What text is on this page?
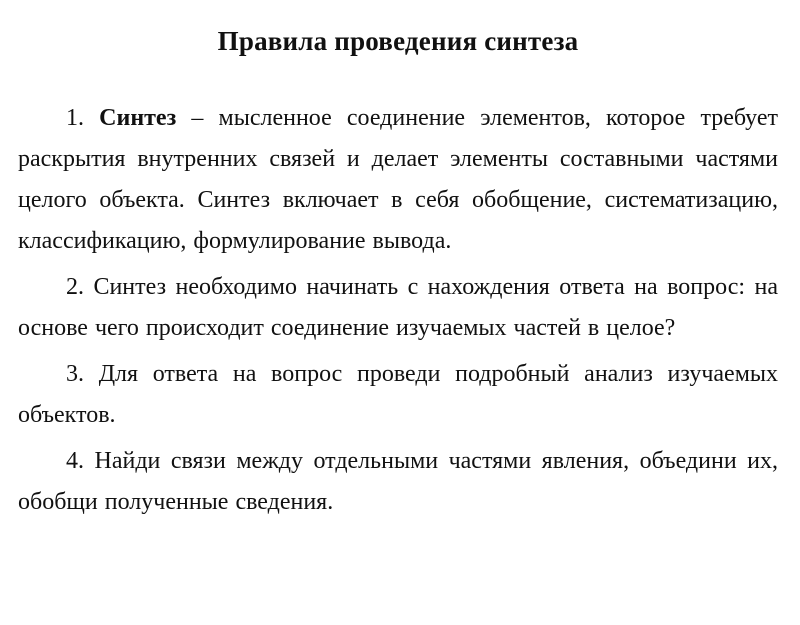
Правила проведения синтеза

1. Синтез – мысленное соединение элементов, которое требует раскрытия внутренних связей и делает элементы составными частями целого объекта. Синтез включает в себя обобщение, систематизацию, классификацию, формулирование вывода.

2. Синтез необходимо начинать с нахождения ответа на вопрос: на основе чего происходит соединение изучаемых частей в целое?

3. Для ответа на вопрос проведи подробный анализ изучаемых объектов.

4. Найди связи между отдельными частями явления, объедини их, обобщи полученные сведения.
